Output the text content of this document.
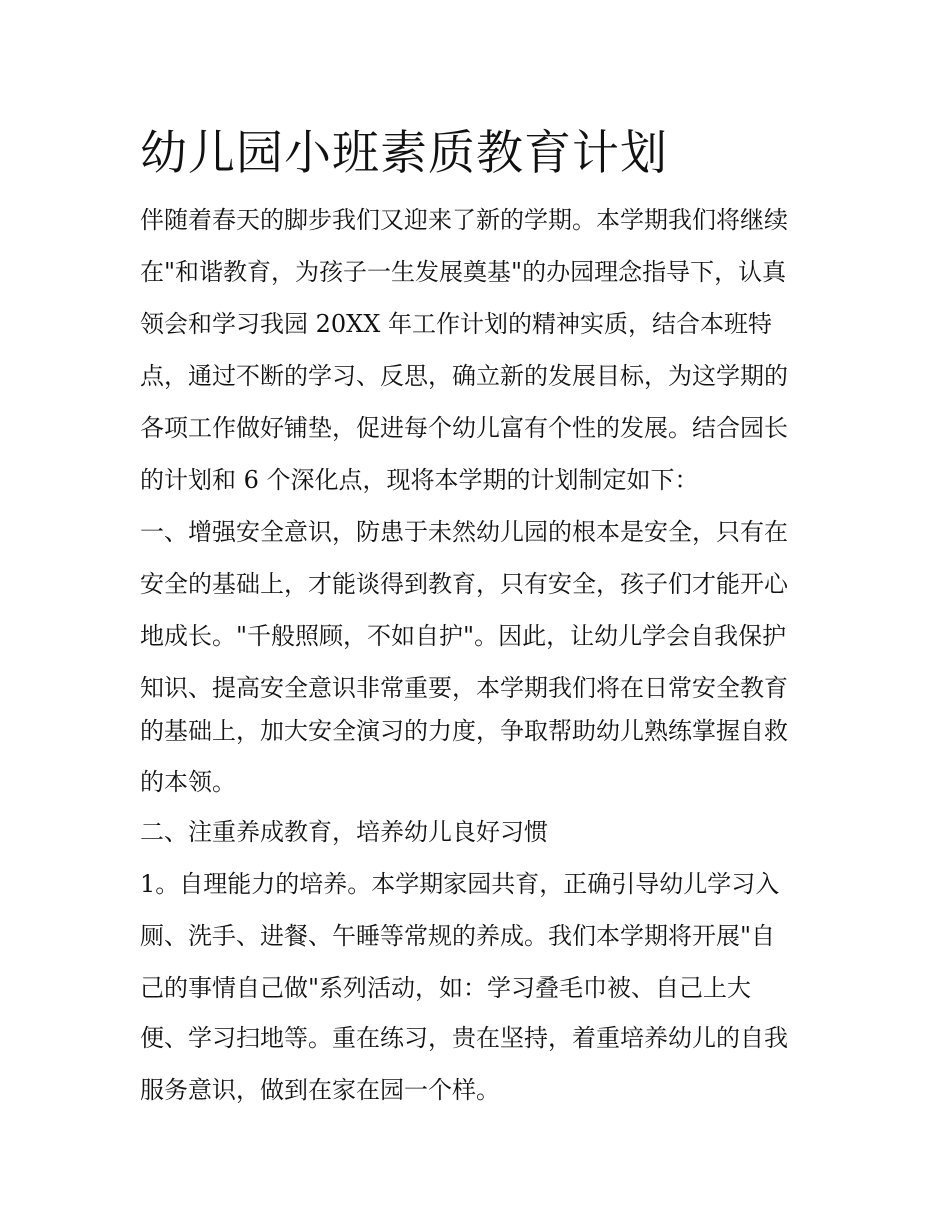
幼儿园小班素质教育计划

伴随着春天的脚步我们又迎来了新的学期。本学期我们将继续

在"和谐教育，为孩子一生发展奠基"的办园理念指导下，认真

领会和学习我园 20XX 年工作计划的精神实质，结合本班特

点，通过不断的学习、反思，确立新的发展目标，为这学期的

各项工作做好铺垫，促进每个幼儿富有个性的发展。结合园长

的计划和 6 个深化点，现将本学期的计划制定如下：

一、增强安全意识，防患于未然幼儿园的根本是安全，只有在

安全的基础上，才能谈得到教育，只有安全，孩子们才能开心

地成长。"千般照顾，不如自护"。因此，让幼儿学会自我保护

知识、提高安全意识非常重要，本学期我们将在日常安全教育

的基础上，加大安全演习的力度，争取帮助幼儿熟练掌握自救

的本领。

二、注重养成教育，培养幼儿良好习惯

1。自理能力的培养。本学期家园共育，正确引导幼儿学习入

厕、洗手、进餐、午睡等常规的养成。我们本学期将开展"自

己的事情自己做"系列活动，如：学习叠毛巾被、自己上大

便、学习扫地等。重在练习，贵在坚持，着重培养幼儿的自我

服务意识，做到在家在园一个样。
